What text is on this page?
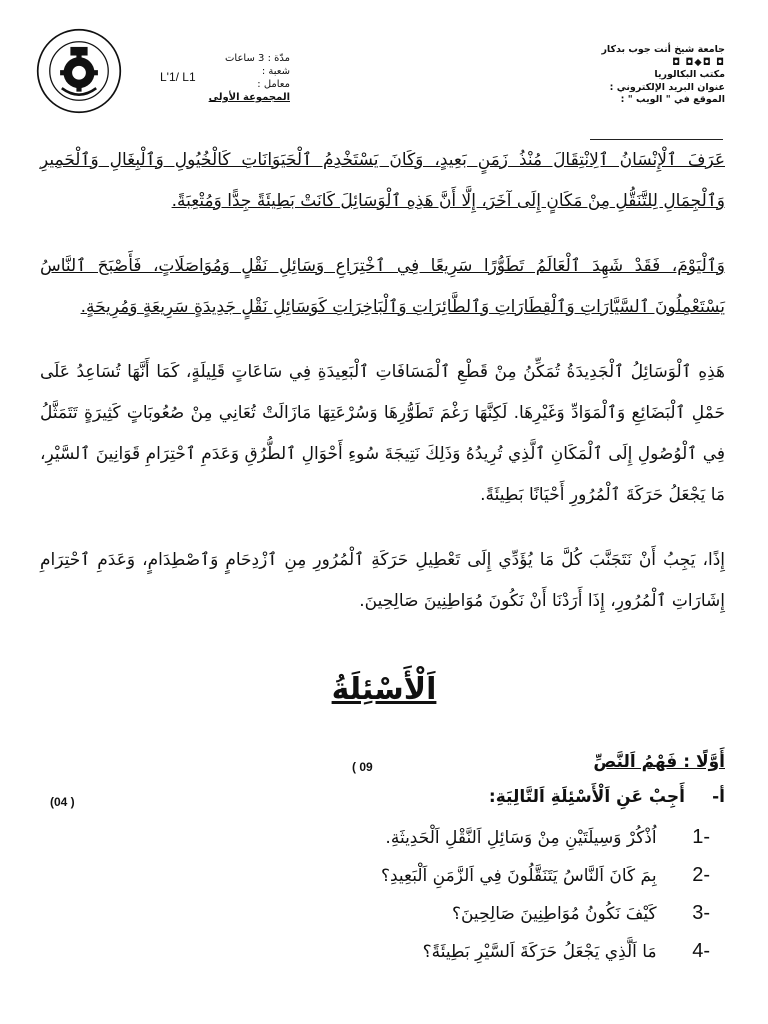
مدّة : 3 ساعات
شعبة :
معامل :
المجموعة الأولى
L'1/ L1
جامعة شيخ أنت جوب بدكار
◘ ◘◆◘ ◘
مكتب البكالوريا
عنوان البريد الإلكتروني :
الموقع في " الويب " :

عَرَفَ ٱلْإِنْسَانُ ٱلِانْتِقَالَ مُنْذُ زَمَنٍ بَعِيدٍ، وَكَانَ يَسْتَخْدِمُ ٱلْحَيَوَانَاتِ كَالْخُيُولِ وَٱلْبِغَالِ وَٱلْحَمِيرِ وَٱلْجِمَالِ لِلتَّنَقُّلِ مِنْ مَكَانٍ إِلَى آخَرَ، إِلَّا أَنَّ هَذِهِ ٱلْوَسَائِلَ كَانَتْ بَطِيئَةً جِدًّا وَمُتْعِبَةً.

وَٱلْيَوْمَ، فَقَدْ شَهِدَ ٱلْعَالَمُ تَطَوُّرًا سَرِيعًا فِي ٱخْتِرَاعِ وَسَائِلِ نَقْلٍ وَمُوَاصَلَاتٍ، فَأَصْبَحَ ٱلنَّاسُ يَسْتَعْمِلُونَ ٱلسَّيَّارَاتِ وَٱلْقِطَارَاتِ وَٱلطَّائِرَاتِ وَٱلْبَاخِرَاتِ كَوَسَائِلِ نَقْلٍ جَدِيدَةٍ سَرِيعَةٍ وَمُرِيحَةٍ.

هَذِهِ ٱلْوَسَائِلُ ٱلْجَدِيدَةُ تُمَكِّنُ مِنْ قَطْعِ ٱلْمَسَافَاتِ ٱلْبَعِيدَةِ فِي سَاعَاتٍ قَلِيلَةٍ، كَمَا أَنَّهَا تُسَاعِدُ عَلَى حَمْلِ ٱلْبَضَائِعِ وَٱلْمَوَادِّ وَغَيْرِهَا. لَكِنَّهَا رَغْمَ تَطَوُّرِهَا وَسُرْعَتِهَا مَازَالَتْ تُعَانِي مِنْ صُعُوبَاتٍ كَثِيرَةٍ تَتَمَثَّلُ فِي ٱلْوُصُولِ إِلَى ٱلْمَكَانِ ٱلَّذِي تُرِيدُهُ وَذَلِكَ نَتِيجَةَ سُوءِ أَحْوَالِ ٱلطُّرُقِ وَعَدَمِ ٱحْتِرَامِ قَوَانِينَ ٱلسَّيْرِ، مَا يَجْعَلُ حَرَكَةَ ٱلْمُرُورِ أَحْيَانًا بَطِيئَةً.

إِذًا، يَجِبُ أَنْ نَتَجَنَّبَ كُلَّ مَا يُؤَدِّي إِلَى تَعْطِيلِ حَرَكَةِ ٱلْمُرُورِ مِنِ ٱزْدِحَامٍ وَٱصْطِدَامٍ، وَعَدَمِ ٱحْتِرَامِ إِشَارَاتِ ٱلْمُرُورِ، إِذَا أَرَدْنَا أَنْ نَكُونَ مُوَاطِنِينَ صَالِحِينَ.

اَلْأَسْئِلَةُ
أَوَّلًا : فَهْمُ اَلنَّصِّ
( 09
أ-أَجِبْ عَنِ اَلْأَسْئِلَةِ اَلتَّالِيَةِ:
(04 )
-1 اُذْكُرْ وَسِيلَتَيْنِ مِنْ وَسَائِلِ اَلنَّقْلِ اَلْحَدِيثَةِ.
-2 بِمَ كَانَ اَلنَّاسُ يَتَنَقَّلُونَ فِي اَلزَّمَنِ اَلْبَعِيدِ؟
-3 كَيْفَ نَكُونُ مُوَاطِنِينَ صَالِحِينَ؟
-4 مَا اَلَّذِي يَجْعَلُ حَرَكَةَ اَلسَّيْرِ بَطِيئَةً؟
